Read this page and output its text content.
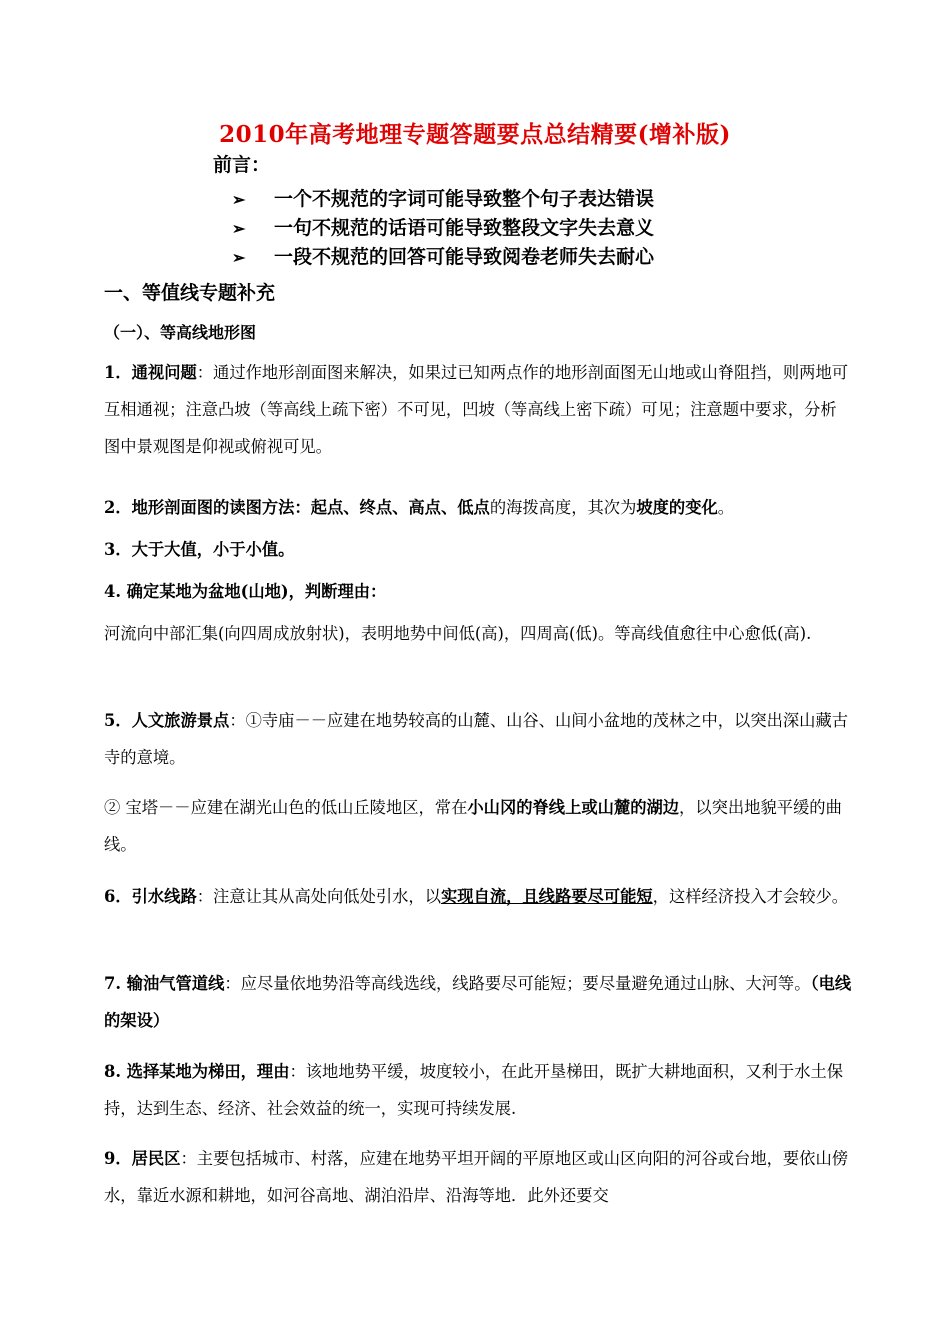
2010年高考地理专题答题要点总结精要(增补版)
前言：
➢ 一个不规范的字词可能导致整个句子表达错误
➢ 一句不规范的话语可能导致整段文字失去意义
➢ 一段不规范的回答可能导致阅卷老师失去耐心
一、等值线专题补充
（一）、等高线地形图

1．通视问题：通过作地形剖面图来解决，如果过已知两点作的地形剖面图无山地或山脊阻挡，则两地可互相通视；注意凸坡（等高线上疏下密）不可见，凹坡（等高线上密下疏）可见；注意题中要求，分析图中景观图是仰视或俯视可见。

2．地形剖面图的读图方法：起点、终点、高点、低点的海拨高度，其次为坡度的变化。

3．大于大值，小于小值。

4. 确定某地为盆地(山地)，判断理由：

河流向中部汇集(向四周成放射状)，表明地势中间低(高)，四周高(低)。等高线值愈往中心愈低(高).

5．人文旅游景点：①寺庙－－应建在地势较高的山麓、山谷、山间小盆地的茂林之中，以突出深山藏古寺的意境。

② 宝塔－－应建在湖光山色的低山丘陵地区，常在小山冈的脊线上或山麓的湖边，以突出地貌平缓的曲线。

6．引水线路：注意让其从高处向低处引水，以实现自流，且线路要尽可能短，这样经济投入才会较少。

7. 输油气管道线：应尽量依地势沿等高线选线，线路要尽可能短；要尽量避免通过山脉、大河等。（电线的架设）

8. 选择某地为梯田，理由：该地地势平缓，坡度较小，在此开垦梯田，既扩大耕地面积，又利于水土保持，达到生态、经济、社会效益的统一，实现可持续发展.

9．居民区：主要包括城市、村落，应建在地势平坦开阔的平原地区或山区向阳的河谷或台地，要依山傍水，靠近水源和耕地，如河谷高地、湖泊沿岸、沿海等地．此外还要交
